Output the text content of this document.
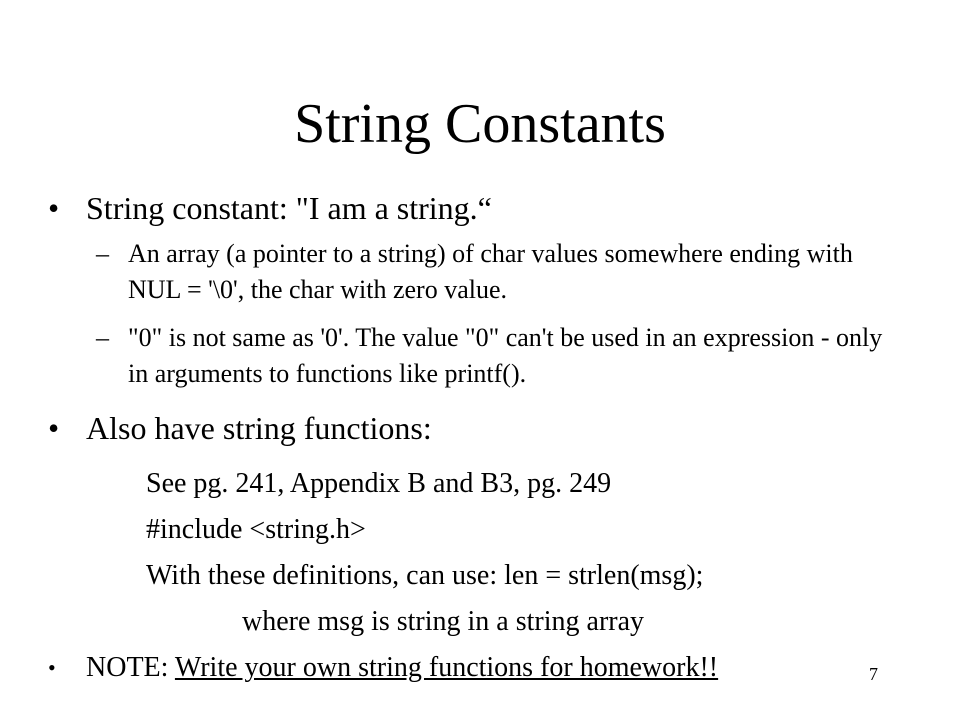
String Constants
• String constant: "I am a string.“
– An array (a pointer to a string) of char values somewhere ending with NUL = '\0', the char with zero value.
– "0" is not same as '0'. The value "0" can't be used in an expression - only in arguments to functions like printf().
• Also have string functions:
See pg. 241, Appendix B and B3, pg. 249
#include <string.h>
With these definitions, can use: len = strlen(msg);
where msg is string in a string array
• NOTE: Write your own string functions for homework!!	7
